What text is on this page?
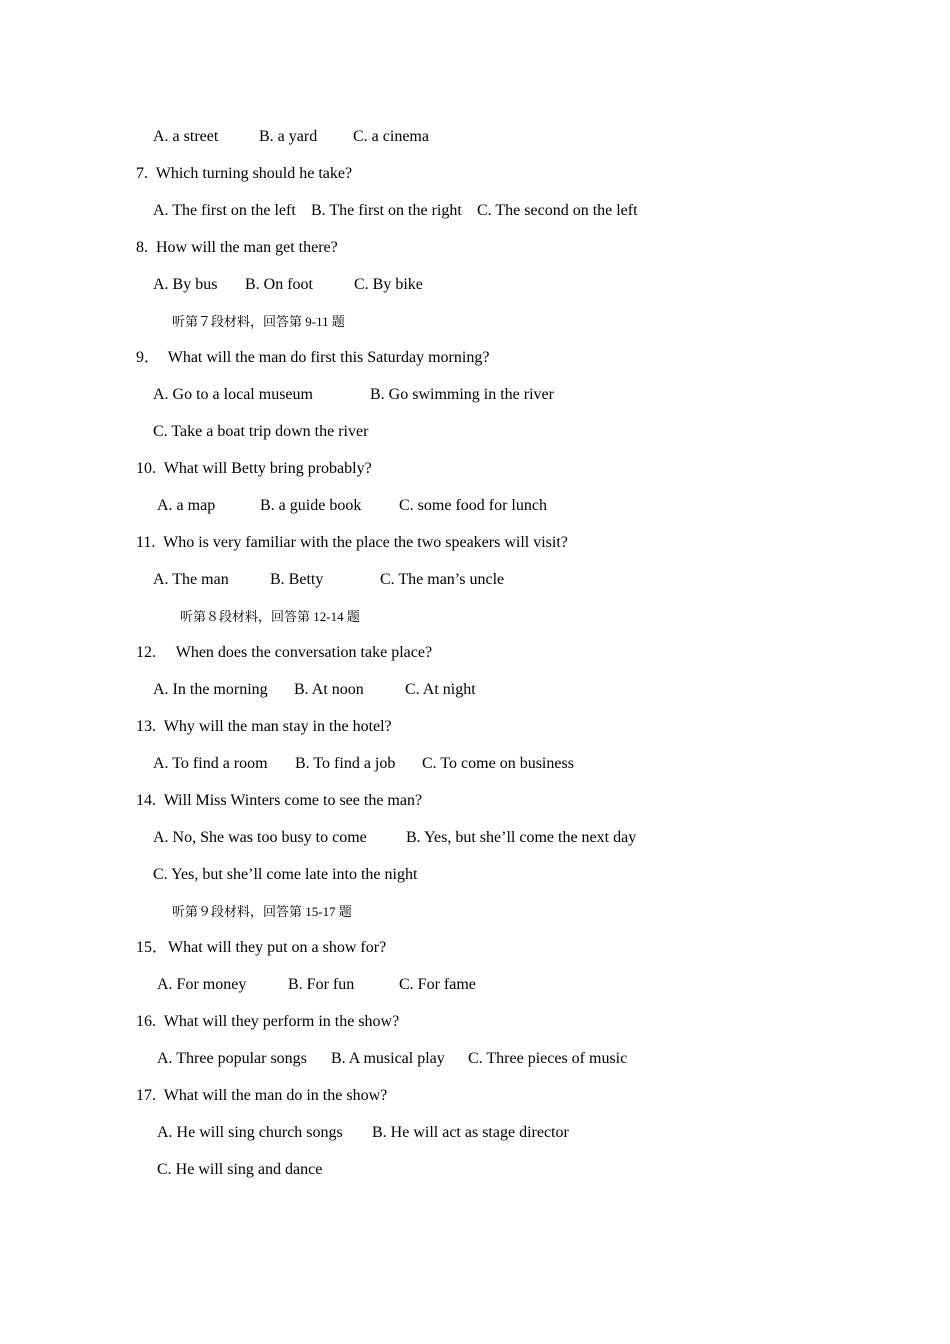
A. a street	B. a yard C. a cinema
7.  Which turning should he take?
A. The first on the left B. The first on the right C. The second on the left
8.  How will the man get there?
A. By bus B. On foot	C. By bike
听第７段材料，回答第 9-11 题
9．  What will the man do first this Saturday morning?
A. Go to a local museum	B. Go swimming in the river
C. Take a boat trip down the river
10.  What will Betty bring probably?
A. a map	B. a guide book C. some food for lunch
11.  Who is very familiar with the place the two speakers will visit?
A. The man	B. Betty	C. The man’s uncle
听第８段材料，回答第 12-14 题
12.     When does the conversation take place?
A. In the morning B. At noon	C. At night
13.  Why will the man stay in the hotel?
A. To find a room B. To find a job C. To come on business
14.  Will Miss Winters come to see the man?
A. No, She was too busy to come B. Yes, but she’ll come the next day
C. Yes, but she’ll come late into the night
听第９段材料，回答第 15-17 题
15．What will they put on a show for?
A. For money	B. For fun	C. For fame
16.  What will they perform in the show?
A. Three popular songs B. A musical play C. Three pieces of music
17.  What will the man do in the show?
A. He will sing church songs B. He will act as stage director
C. He will sing and dance
